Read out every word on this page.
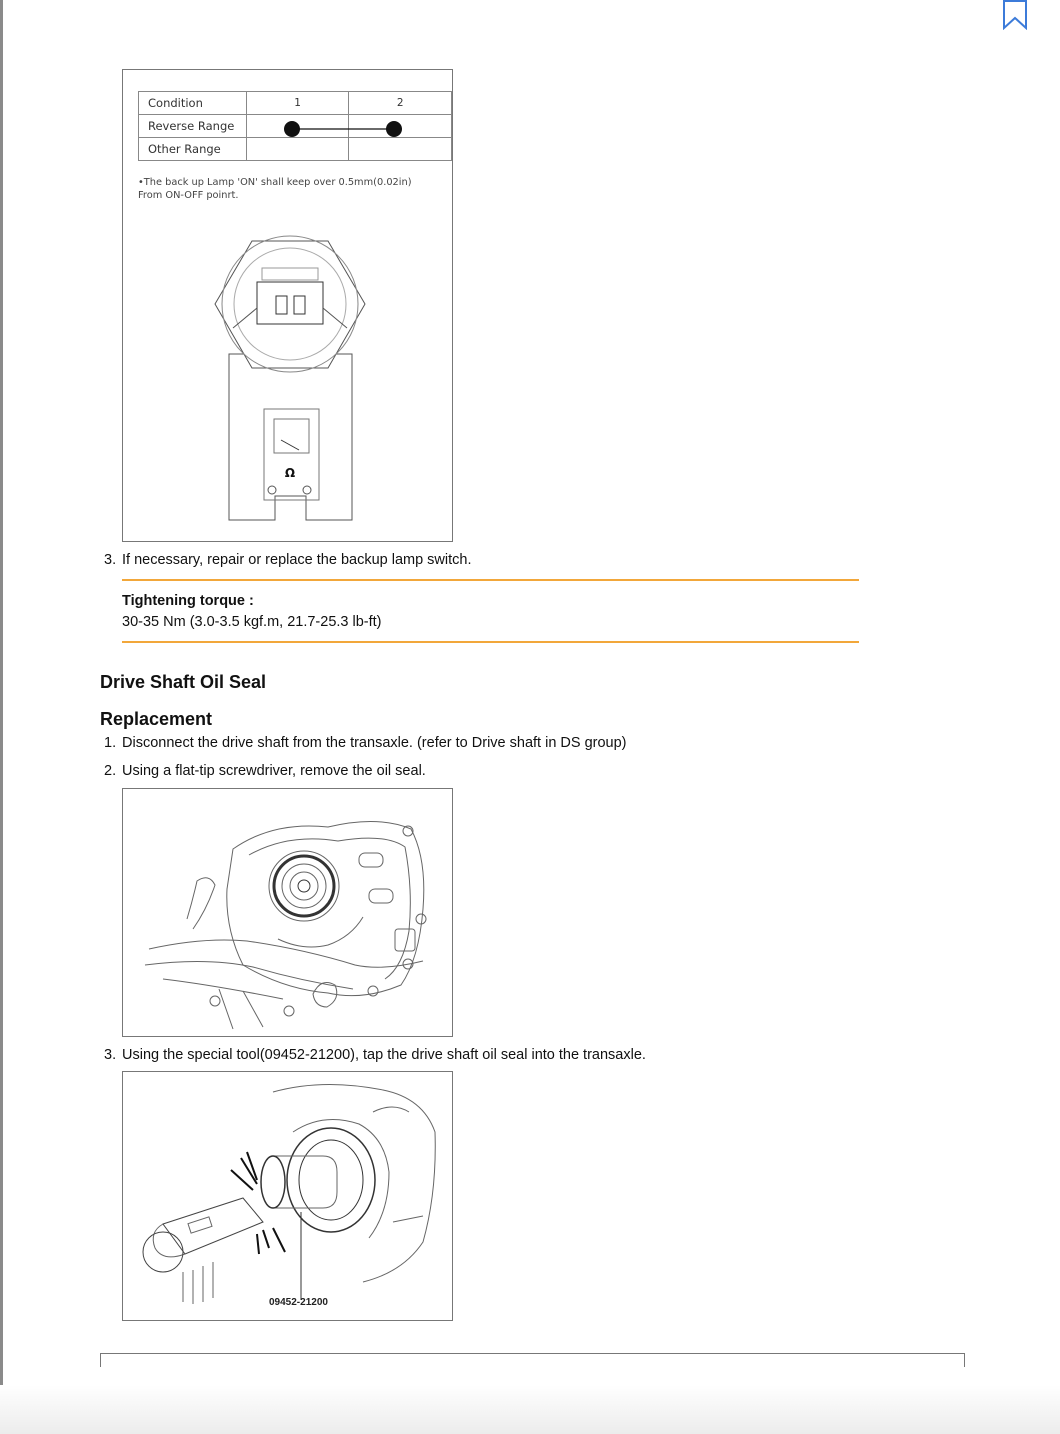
Condition	1	2
Reverse Range		
Other Range		
•The back up Lamp 'ON' shall keep over 0.5mm(0.02in)
From ON-OFF poinrt.
Ω
3. If necessary, repair or replace the backup lamp switch.
Tightening torque :
30-35 Nm (3.0-3.5 kgf.m, 21.7-25.3 lb-ft)
Drive Shaft Oil Seal
Replacement
1. Disconnect the drive shaft from the transaxle. (refer to Drive shaft in DS group)
2. Using a flat-tip screwdriver, remove the oil seal.
3. Using the special tool(09452-21200), tap the drive shaft oil seal into the transaxle.
09452-21200
